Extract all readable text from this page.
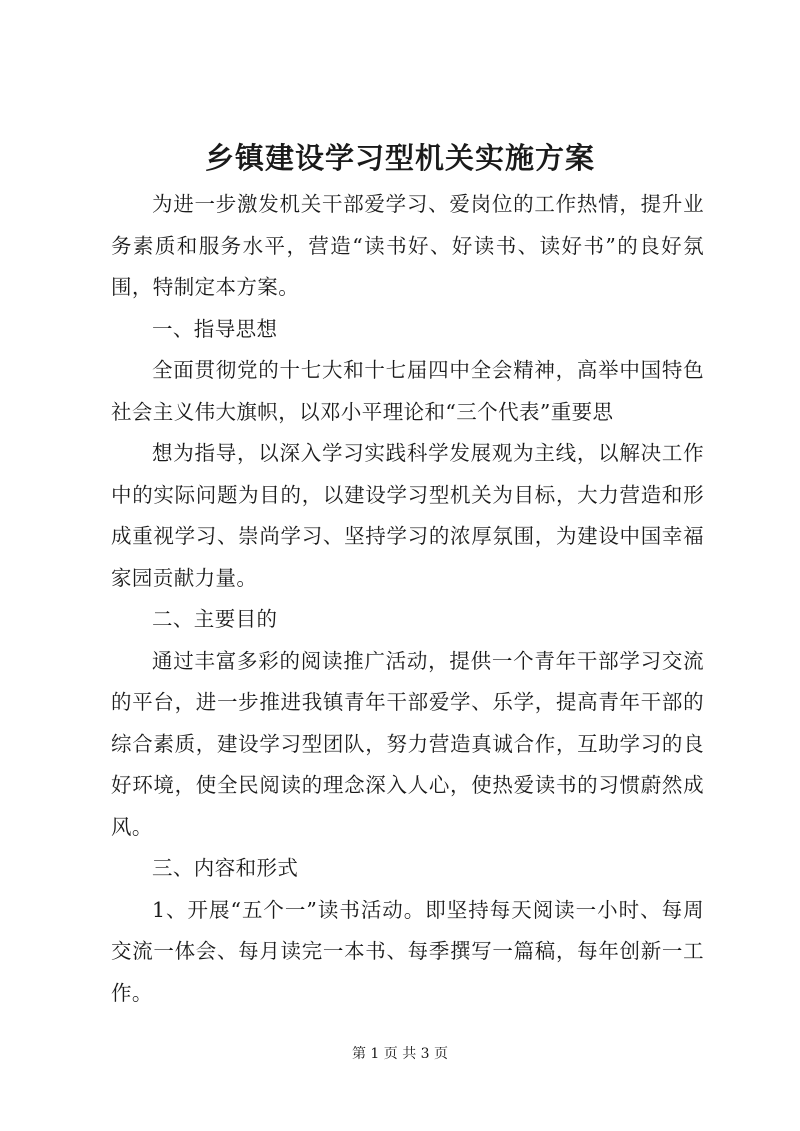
乡镇建设学习型机关实施方案

为进一步激发机关干部爱学习、爱岗位的工作热情，提升业务素质和服务水平，营造“读书好、好读书、读好书”的良好氛围，特制定本方案。

一、指导思想

全面贯彻党的十七大和十七届四中全会精神，高举中国特色社会主义伟大旗帜，以邓小平理论和“三个代表”重要思

想为指导，以深入学习实践科学发展观为主线，以解决工作中的实际问题为目的，以建设学习型机关为目标，大力营造和形成重视学习、崇尚学习、坚持学习的浓厚氛围，为建设中国幸福家园贡献力量。

二、主要目的

通过丰富多彩的阅读推广活动，提供一个青年干部学习交流的平台，进一步推进我镇青年干部爱学、乐学，提高青年干部的综合素质，建设学习型团队，努力营造真诚合作，互助学习的良好环境，使全民阅读的理念深入人心，使热爱读书的习惯蔚然成风。

三、内容和形式

1、开展“五个一”读书活动。即坚持每天阅读一小时、每周交流一体会、每月读完一本书、每季撰写一篇稿，每年创新一工作。

第 1 页 共 3 页
